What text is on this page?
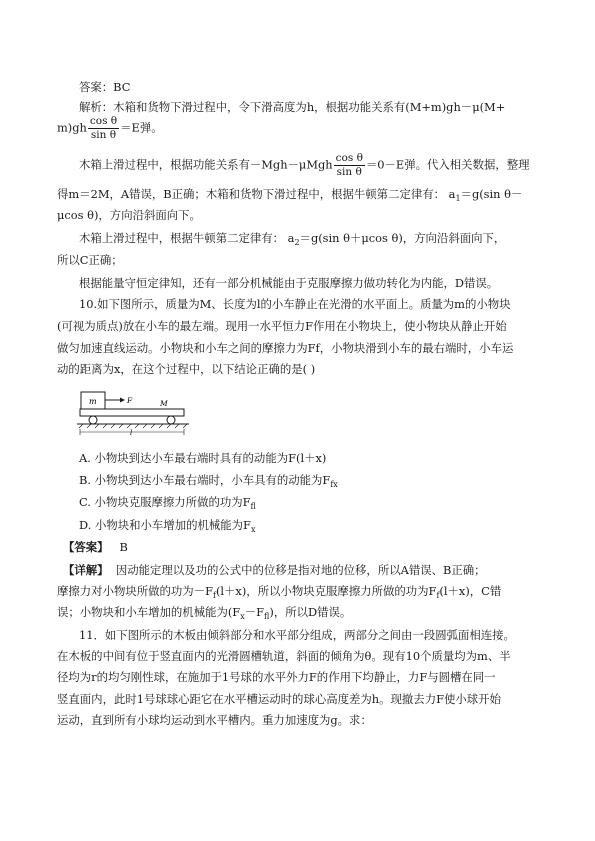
答案：BC
解析：木箱和货物下滑过程中，令下滑高度为h，根据功能关系有(M+m)gh－μ(M+
$m)gh \frac{\text{cos θ}}{\text{sin θ}} =E$弹。
木箱上滑过程中，根据功能关系有$-Mgh-\mu Mgh \frac{\text{cos θ}}{\text{sin θ}} =0-E$弹。代入相关数据，整理
得m＝2M，A错误，B正确；木箱和货物下滑过程中，根据牛顿第二定律有： $a_1=g(\sin$ θ－
μcos θ)，方向沿斜面向下。
木箱上滑过程中，根据牛顿第二定律有： $a_2=g(\sin$ θ＋μcos θ)，方向沿斜面向下，
所以C正确；
根据能量守恒定律知，还有一部分机械能由于克服摩擦力做功转化为内能，D错误。
10.如下图所示，质量为M、长度为l的小车静止在光滑的水平面上。质量为m的小物块
(可视为质点)放在小车的最左端。现用一水平恒力F作用在小物块上，使小物块从静止开始
做匀加速直线运动。小物块和小车之间的摩擦力为Ff，小物块滑到小车的最右端时，小车运
动的距离为x，在这个过程中，以下结论正确的是( )
m	F	M
l
A. 小物块到达小车最右端时具有的动能为F(l＋x)
B. 小物块到达小车最右端时，小车具有的动能为$F_{fx}$
C. 小物块克服摩擦力所做的功为$F_{fl}$
D. 小物块和小车增加的机械能为$F_x$
【答案】 B
【详解】 因动能定理以及功的公式中的位移是指对地的位移，所以A错误、B正确；
摩擦力对小物块所做的功为$-F_f(l+x)$，所以小物块克服摩擦力所做的功为$F_f(l+x)$，C错
误；小物块和小车增加的机械能为$(F_x-F_{fl})$，所以D错误。
11．如下图所示的木板由倾斜部分和水平部分组成，两部分之间由一段圆弧面相连接。
在木板的中间有位于竖直面内的光滑圆槽轨道，斜面的倾角为θ。现有10个质量均为m、半
径均为r的均匀刚性球，在施加于1号球的水平外力F的作用下均静止，力F与圆槽在同一
竖直面内，此时1号球球心距它在水平槽运动时的球心高度差为h。现撤去力F使小球开始
运动，直到所有小球均运动到水平槽内。重力加速度为g。求：
